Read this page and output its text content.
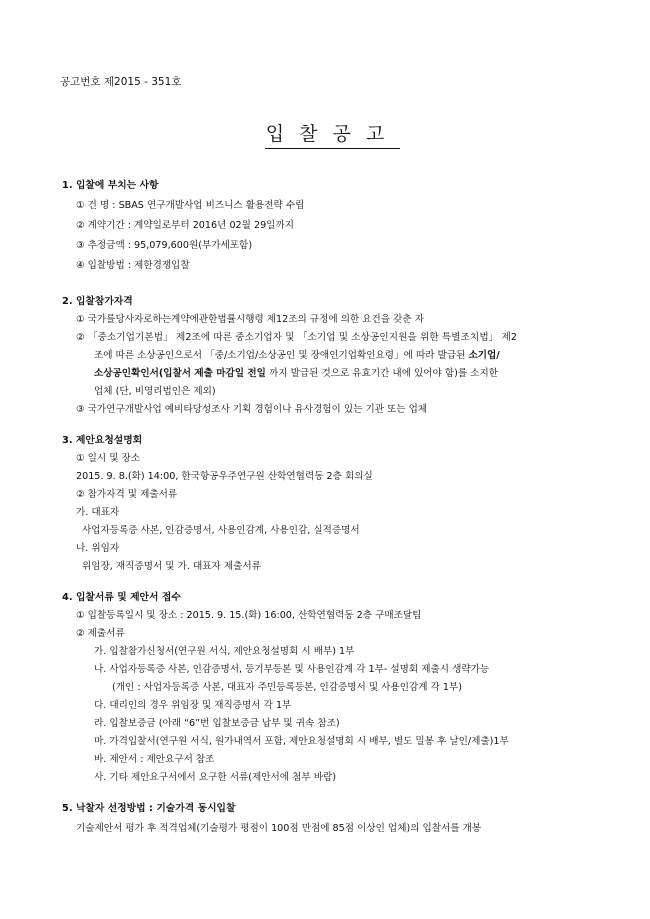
공고번호 제2015 - 351호
입찰공고
1. 입찰에 부치는 사항
① 건 명 : SBAS 연구개발사업 비즈니스 활용전략 수립
② 계약기간 : 계약일로부터 2016년 02월 29일까지
③ 추정금액 : 95,079,600원(부가세포함)
④ 입찰방법 : 제한경쟁입찰
2. 입찰참가자격
① 국가를당사자로하는계약에관한법률시행령 제12조의 규정에 의한 요건을 갖춘 자
② 「중소기업기본법」 제2조에 따른 중소기업자 및 「소기업 및 소상공인지원을 위한 특별조치법」 제2
조에 따른 소상공인으로서 「중/소기업/소상공인 및 장애인기업확인요령」에 따라 발급된 소기업/
소상공인확인서(입찰서 제출 마감일 전일 까지 발급된 것으로 유효기간 내에 있어야 함)를 소지한
업체 (단, 비영리법인은 제외)
③ 국가연구개발사업 예비타당성조사 기획 경험이나 유사경험이 있는 기관 또는 업체
3. 제안요청설명회
① 일시 및 장소
2015. 9. 8.(화) 14:00, 한국항공우주연구원 산학연협력동 2층 회의실
② 참가자격 및 제출서류
가. 대표자
사업자등록증 사본, 인감증명서, 사용인감계, 사용인감, 실적증명서
나. 위임자
위임장, 재직증명서 및 가. 대표자 제출서류
4. 입찰서류 및 제안서 접수
① 입찰등록일시 및 장소 : 2015. 9. 15.(화) 16:00, 산학연협력동 2층 구매조달팀
② 제출서류
가. 입찰참가신청서(연구원 서식, 제안요청설명회 시 배부) 1부
나. 사업자등록증 사본, 인감증명서, 등기부등본 및 사용인감계 각 1부- 설명회 제출시 생략가능
(개인 : 사업자등록증 사본, 대표자 주민등록등본, 인감증명서 및 사용인감계 각 1부)
다. 대리인의 경우 위임장 및 재직증명서 각 1부
라. 입찰보증금 (아래 “6”번 입찰보증금 납부 및 귀속 참조)
마. 가격입찰서(연구원 서식, 원가내역서 포함, 제안요청설명회 시 배부, 별도 밀봉 후 날인/제출)1부
바. 제안서 : 제안요구서 참조
사. 기타 제안요구서에서 요구한 서류(제안서에 첨부 바람)
5. 낙찰자 선정방법 : 기술가격 동시입찰
기술제안서 평가 후 적격업체(기술평가 평점이 100점 만점에 85점 이상인 업체)의 입찰서를 개봉
